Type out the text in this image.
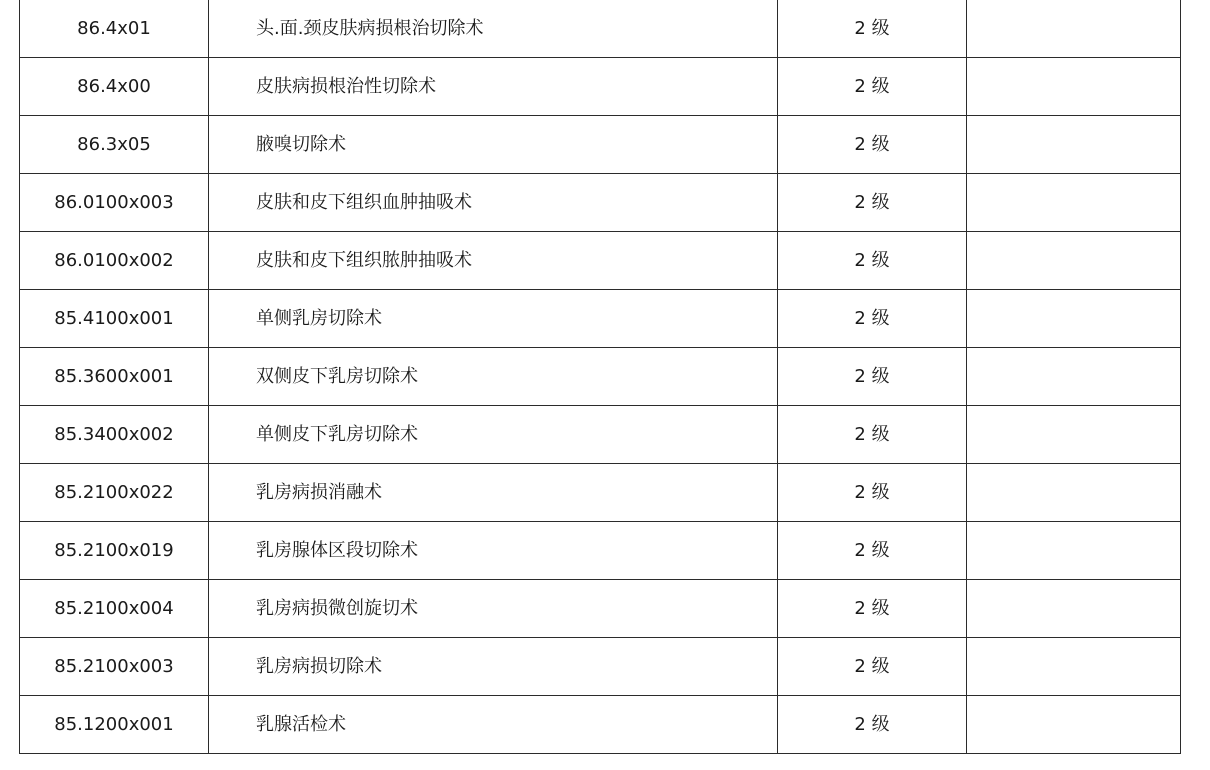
86.4x01	头.面.颈皮肤病损根治切除术	2 级	
86.4x00	皮肤病损根治性切除术	2 级	
86.3x05	腋嗅切除术	2 级	
86.0100x003	皮肤和皮下组织血肿抽吸术	2 级	
86.0100x002	皮肤和皮下组织脓肿抽吸术	2 级	
85.4100x001	单侧乳房切除术	2 级	
85.3600x001	双侧皮下乳房切除术	2 级	
85.3400x002	单侧皮下乳房切除术	2 级	
85.2100x022	乳房病损消融术	2 级	
85.2100x019	乳房腺体区段切除术	2 级	
85.2100x004	乳房病损微创旋切术	2 级	
85.2100x003	乳房病损切除术	2 级	
85.1200x001	乳腺活检术	2 级	
